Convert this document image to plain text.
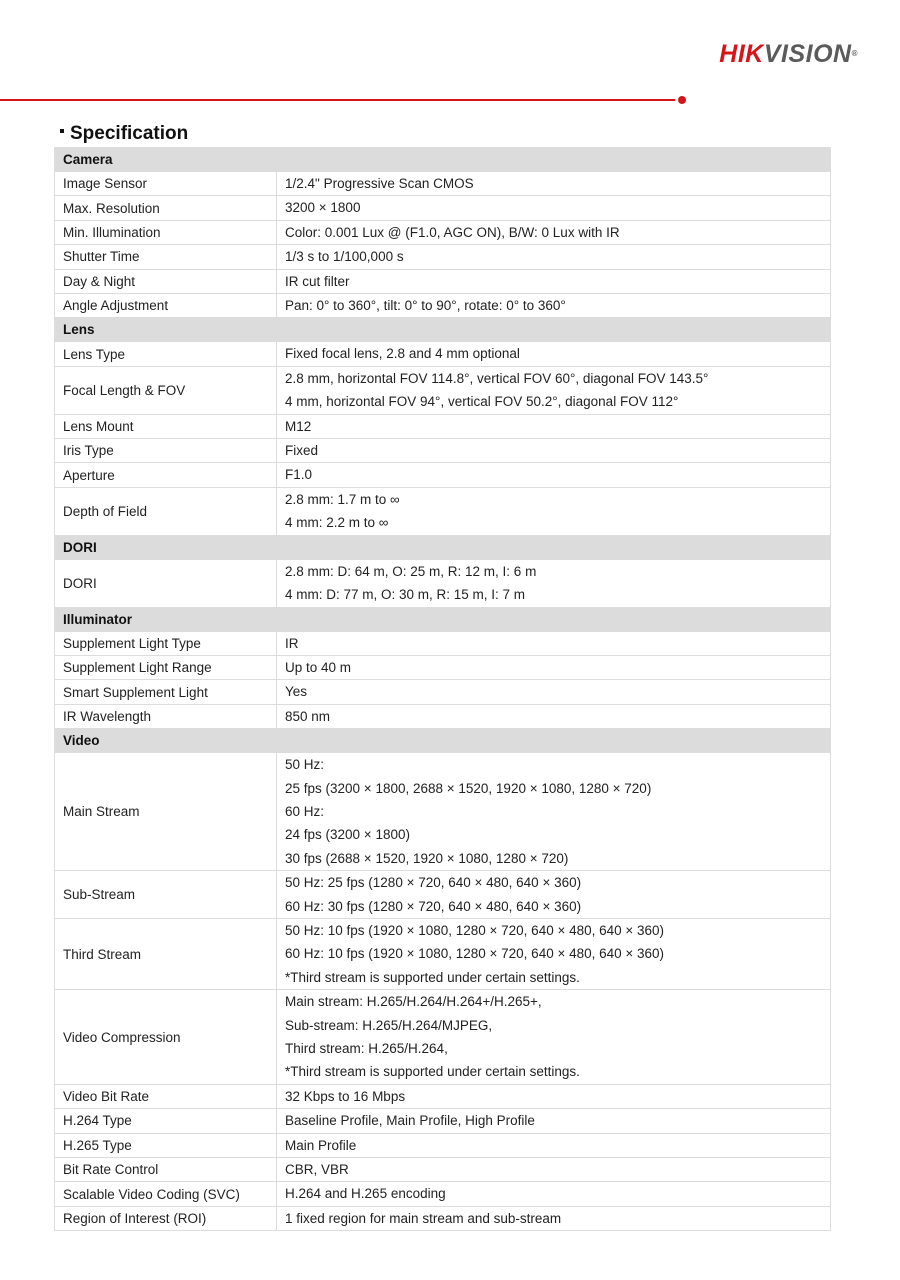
HIKVISION®
Specification
Camera	
Image Sensor	1/2.4" Progressive Scan CMOS

Max. Resolution	3200 × 1800

Min. Illumination	Color: 0.001 Lux @ (F1.0, AGC ON), B/W: 0 Lux with IR

Shutter Time	1/3 s to 1/100,000 s

Day & Night	IR cut filter

Angle Adjustment	Pan: 0° to 360°, tilt: 0° to 90°, rotate: 0° to 360°

Lens	
Lens Type	Fixed focal lens, 2.8 and 4 mm optional

Focal Length & FOV	2.8 mm, horizontal FOV 114.8°, vertical FOV 60°, diagonal FOV 143.5°
4 mm, horizontal FOV 94°, vertical FOV 50.2°, diagonal FOV 112°

Lens Mount	M12

Iris Type	Fixed

Aperture	F1.0

Depth of Field	2.8 mm: 1.7 m to ∞
4 mm: 2.2 m to ∞

DORI	
DORI	2.8 mm: D: 64 m, O: 25 m, R: 12 m, I: 6 m
4 mm: D: 77 m, O: 30 m, R: 15 m, I: 7 m

Illuminator	
Supplement Light Type	IR

Supplement Light Range	Up to 40 m

Smart Supplement Light	Yes

IR Wavelength	850 nm

Video	
Main Stream	50 Hz:
25 fps (3200 × 1800, 2688 × 1520, 1920 × 1080, 1280 × 720)
60 Hz:
24 fps (3200 × 1800)
30 fps (2688 × 1520, 1920 × 1080, 1280 × 720)

Sub-Stream	50 Hz: 25 fps (1280 × 720, 640 × 480, 640 × 360)
60 Hz: 30 fps (1280 × 720, 640 × 480, 640 × 360)

Third Stream	50 Hz: 10 fps (1920 × 1080, 1280 × 720, 640 × 480, 640 × 360)
60 Hz: 10 fps (1920 × 1080, 1280 × 720, 640 × 480, 640 × 360)
*Third stream is supported under certain settings.

Video Compression	Main stream: H.265/H.264/H.264+/H.265+,
Sub-stream: H.265/H.264/MJPEG,
Third stream: H.265/H.264,
*Third stream is supported under certain settings.

Video Bit Rate	32 Kbps to 16 Mbps

H.264 Type	Baseline Profile, Main Profile, High Profile

H.265 Type	Main Profile

Bit Rate Control	CBR, VBR

Scalable Video Coding (SVC)	H.264 and H.265 encoding

Region of Interest (ROI)	1 fixed region for main stream and sub-stream
